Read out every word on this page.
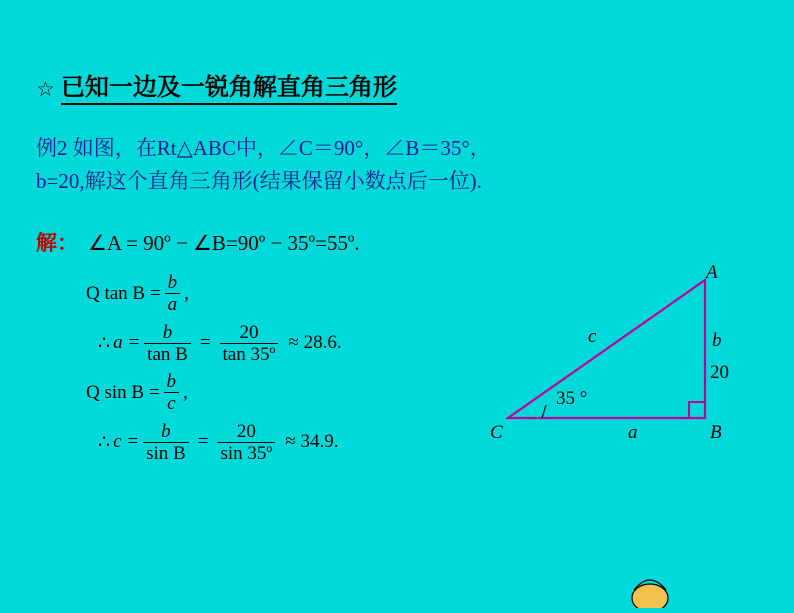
☆ 已知一边及一锐角解直角三角形
例2 如图，在Rt△ABC中，∠C＝90°，∠B＝35°，
b=20,解这个直角三角形(结果保留小数点后一位).
解： ∠A = 90º − ∠B=90º − 35º=55º.
Q $\tan B = \frac{b}{a}$ ,
∴ $a = \frac{b}{\text{tan B}} = \frac{20}{\text{tan 35º}} \approx 28.6$.
Q $\sin B = \frac{b}{c}$ ,
∴ $c = \frac{b}{\text{sin B}} = \frac{20}{\text{sin 35º}} \approx 34.9$.
A
B
C	a
b
c
20
35 °
